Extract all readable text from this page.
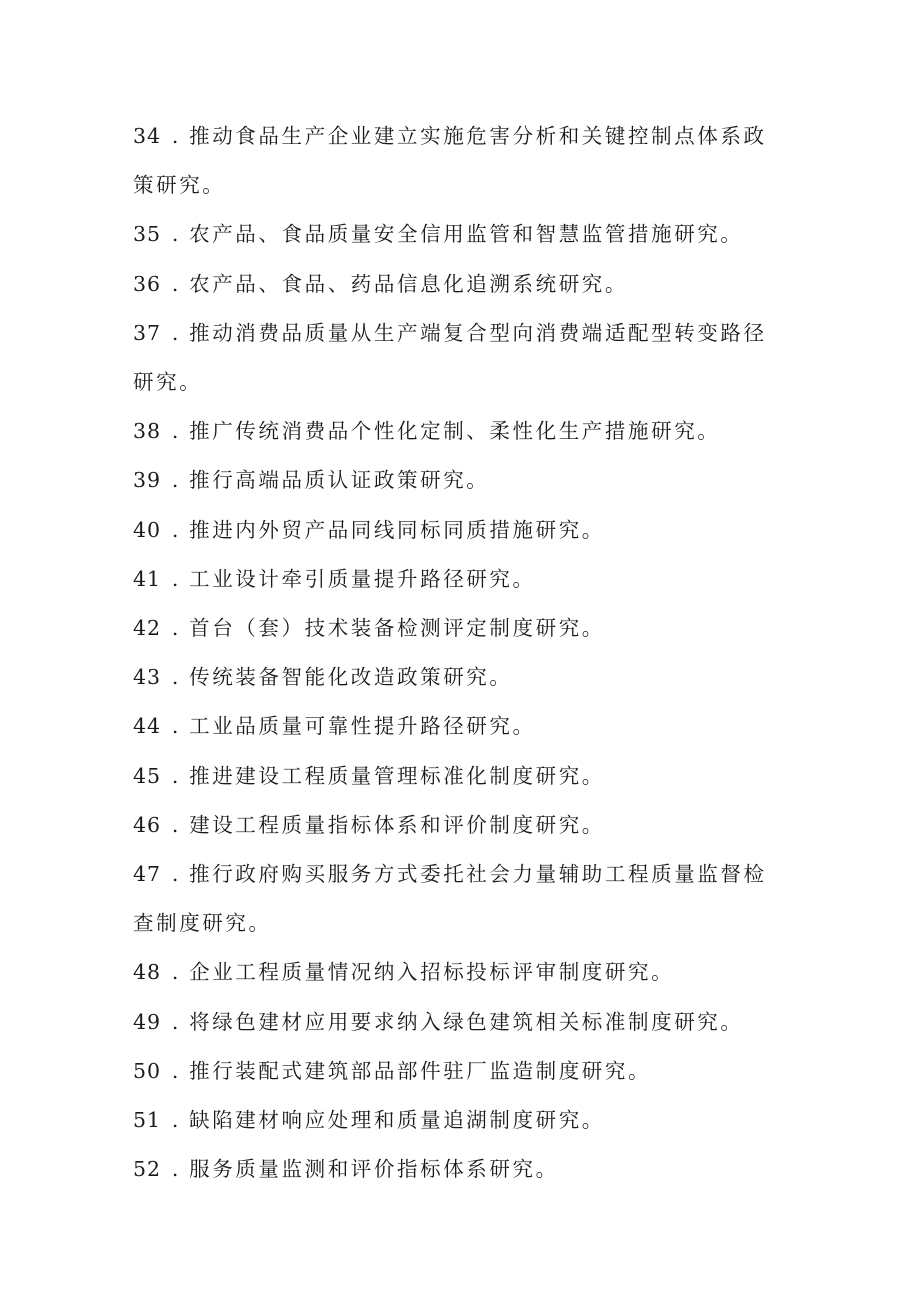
34 . 推动食品生产企业建立实施危害分析和关键控制点体系政策研究。
35 . 农产品、食品质量安全信用监管和智慧监管措施研究。
36 . 农产品、食品、药品信息化追溯系统研究。
37 . 推动消费品质量从生产端复合型向消费端适配型转变路径研究。
38 . 推广传统消费品个性化定制、柔性化生产措施研究。
39 . 推行高端品质认证政策研究。
40 . 推进内外贸产品同线同标同质措施研究。
41 . 工业设计牵引质量提升路径研究。
42 . 首台（套）技术装备检测评定制度研究。
43 . 传统装备智能化改造政策研究。
44 . 工业品质量可靠性提升路径研究。
45 . 推进建设工程质量管理标准化制度研究。
46 . 建设工程质量指标体系和评价制度研究。
47 . 推行政府购买服务方式委托社会力量辅助工程质量监督检查制度研究。
48 . 企业工程质量情况纳入招标投标评审制度研究。
49 . 将绿色建材应用要求纳入绿色建筑相关标准制度研究。
50 . 推行装配式建筑部品部件驻厂监造制度研究。
51 . 缺陷建材响应处理和质量追湖制度研究。
52 . 服务质量监测和评价指标体系研究。
